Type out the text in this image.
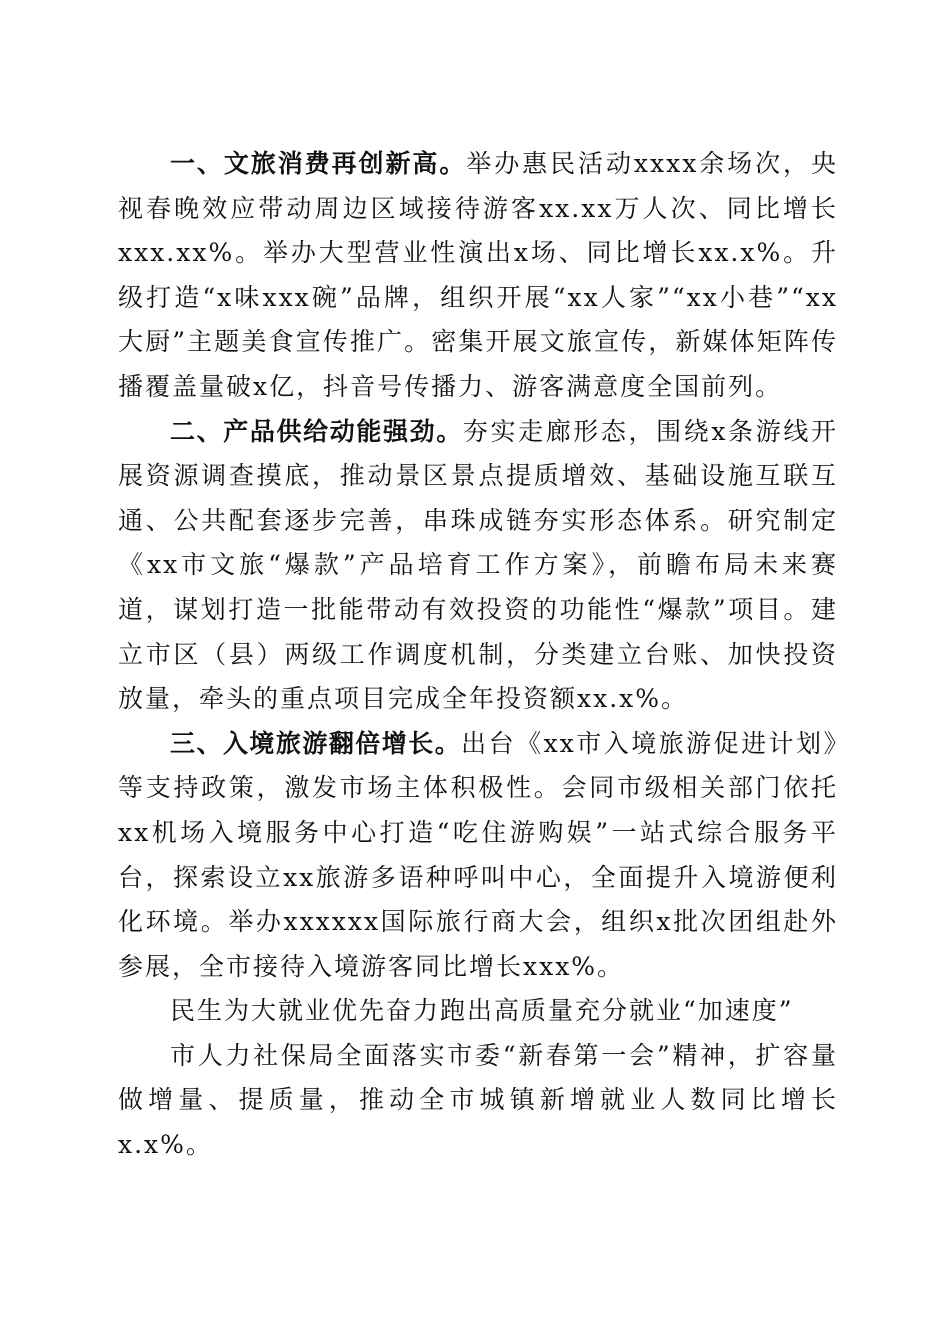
一、文旅消费再创新高。举办惠民活动xxxx余场次，央视春晚效应带动周边区域接待游客xx.xx万人次、同比增长xxx.xx%。举办大型营业性演出x场、同比增长xx.x%。升级打造“x味xxx碗”品牌，组织开展“xx人家”“xx小巷”“xx大厨”主题美食宣传推广。密集开展文旅宣传，新媒体矩阵传播覆盖量破x亿，抖音号传播力、游客满意度全国前列。

二、产品供给动能强劲。夯实走廊形态，围绕x条游线开展资源调查摸底，推动景区景点提质增效、基础设施互联互通、公共配套逐步完善，串珠成链夯实形态体系。研究制定《xx市文旅“爆款”产品培育工作方案》，前瞻布局未来赛道，谋划打造一批能带动有效投资的功能性“爆款”项目。建立市区（县）两级工作调度机制，分类建立台账、加快投资放量，牵头的重点项目完成全年投资额xx.x%。

三、入境旅游翻倍增长。出台《xx市入境旅游促进计划》等支持政策，激发市场主体积极性。会同市级相关部门依托xx机场入境服务中心打造“吃住游购娱”一站式综合服务平台，探索设立xx旅游多语种呼叫中心，全面提升入境游便利化环境。举办xxxxxx国际旅行商大会，组织x批次团组赴外参展，全市接待入境游客同比增长xxx%。

民生为大就业优先奋力跑出高质量充分就业“加速度”

市人力社保局全面落实市委“新春第一会”精神，扩容量做增量、提质量，推动全市城镇新增就业人数同比增长x.x%。
